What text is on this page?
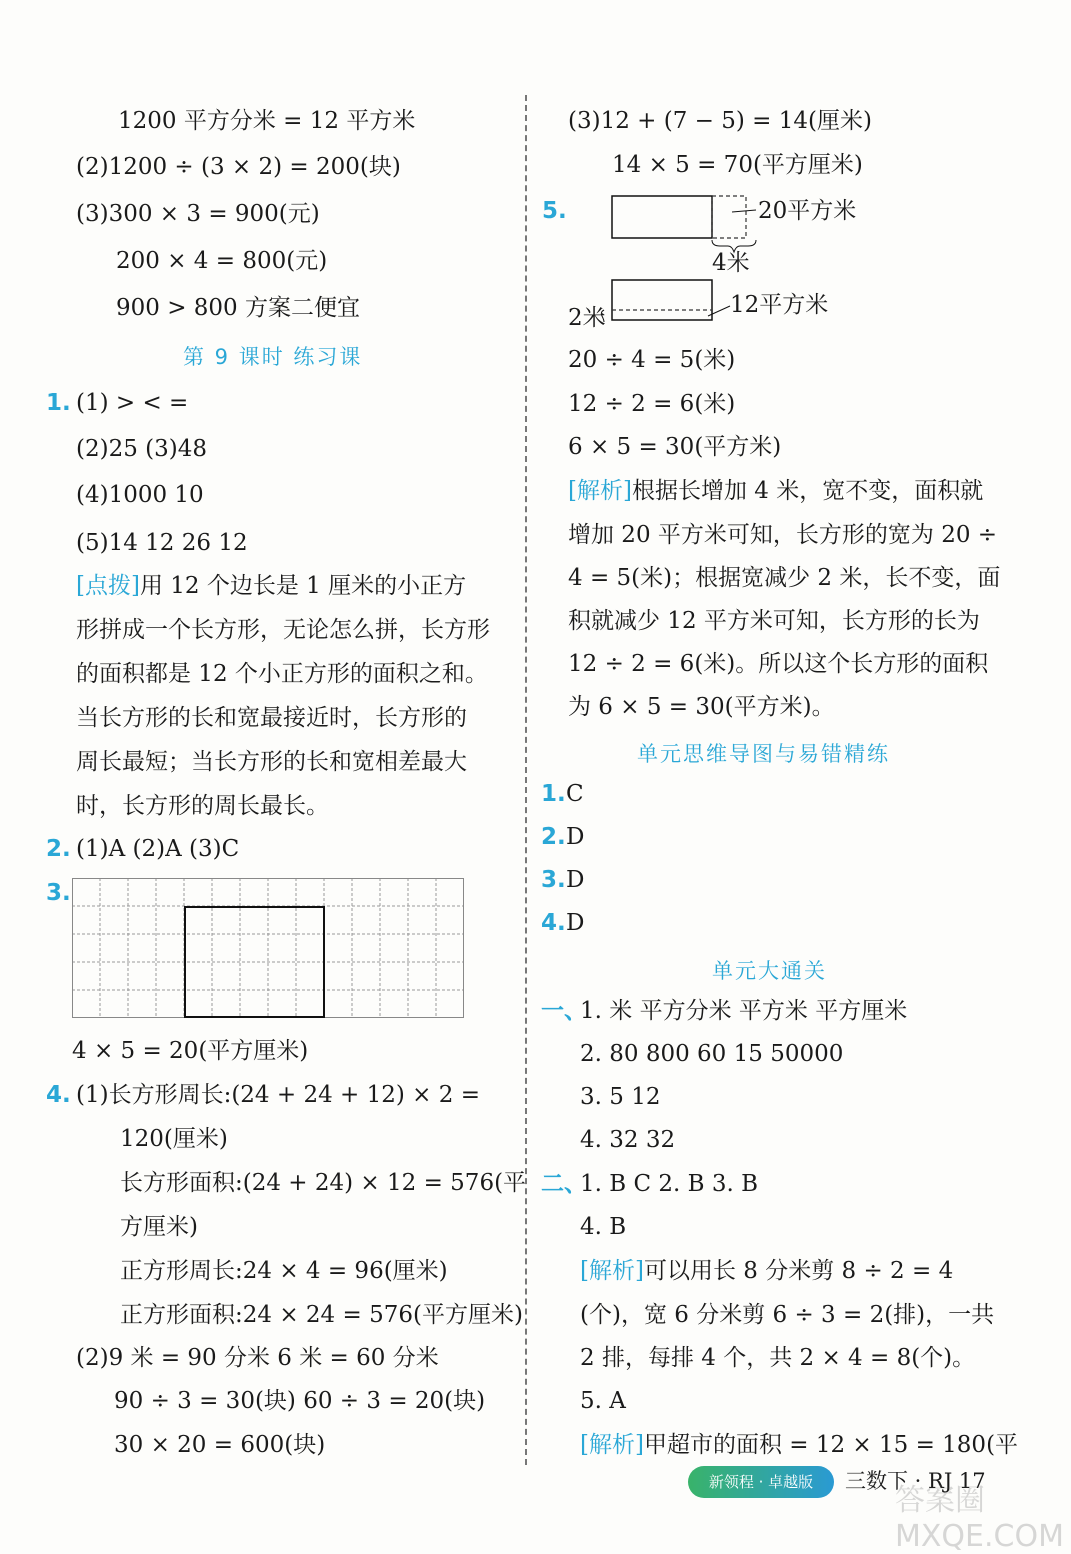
1200 平方分米 = 12 平方米
(2)1200 ÷ (3 × 2) = 200(块)
(3)300 × 3 = 900(元)
200 × 4 = 800(元)
900 > 800 方案二便宜
第 9 课时 练习课
1. (1) > < =
(2)25 (3)48
(4)1000 10
(5)14 12 26 12
[点拨]用 12 个边长是 1 厘米的小正方
形拼成一个长方形，无论怎么拼，长方形
的面积都是 12 个小正方形的面积之和。
当长方形的长和宽最接近时，长方形的
周长最短；当长方形的长和宽相差最大
时，长方形的周长最长。
2. (1)A (2)A (3)C
3.
4 × 5 = 20(平方厘米)
4. (1)长方形周长:(24 + 24 + 12) × 2 =
120(厘米)
长方形面积:(24 + 24) × 12 = 576(平
方厘米)
正方形周长:24 × 4 = 96(厘米)
正方形面积:24 × 24 = 576(平方厘米)
(2)9 米 = 90 分米 6 米 = 60 分米
90 ÷ 3 = 30(块) 60 ÷ 3 = 20(块)
30 × 20 = 600(块)
(3)12 + (7 − 5) = 14(厘米)
14 × 5 = 70(平方厘米)
5.	20平方米
4米
12平方米
2米
20 ÷ 4 = 5(米)
12 ÷ 2 = 6(米)
6 × 5 = 30(平方米)
[解析]根据长增加 4 米，宽不变，面积就
增加 20 平方米可知，长方形的宽为 20 ÷
4 = 5(米)；根据宽减少 2 米，长不变，面
积就减少 12 平方米可知，长方形的长为
12 ÷ 2 = 6(米)。所以这个长方形的面积
为 6 × 5 = 30(平方米)。
单元思维导图与易错精练
1. C
2. D
3. D
4. D
单元大通关
一、
1. 米 平方分米 平方米 平方厘米
2. 80 800 60 15 50000
3. 5 12
4. 32 32
二、
1. B C 2. B 3. B
4. B
[解析]可以用长 8 分米剪 8 ÷ 2 = 4
(个)，宽 6 分米剪 6 ÷ 3 = 2(排)，一共
2 排，每排 4 个，共 2 × 4 = 8(个)。
5. A
[解析]甲超市的面积 = 12 × 15 = 180(平
新领程 · 卓越版	三数下 · RJ 17
答案圈 MXQE.COM
